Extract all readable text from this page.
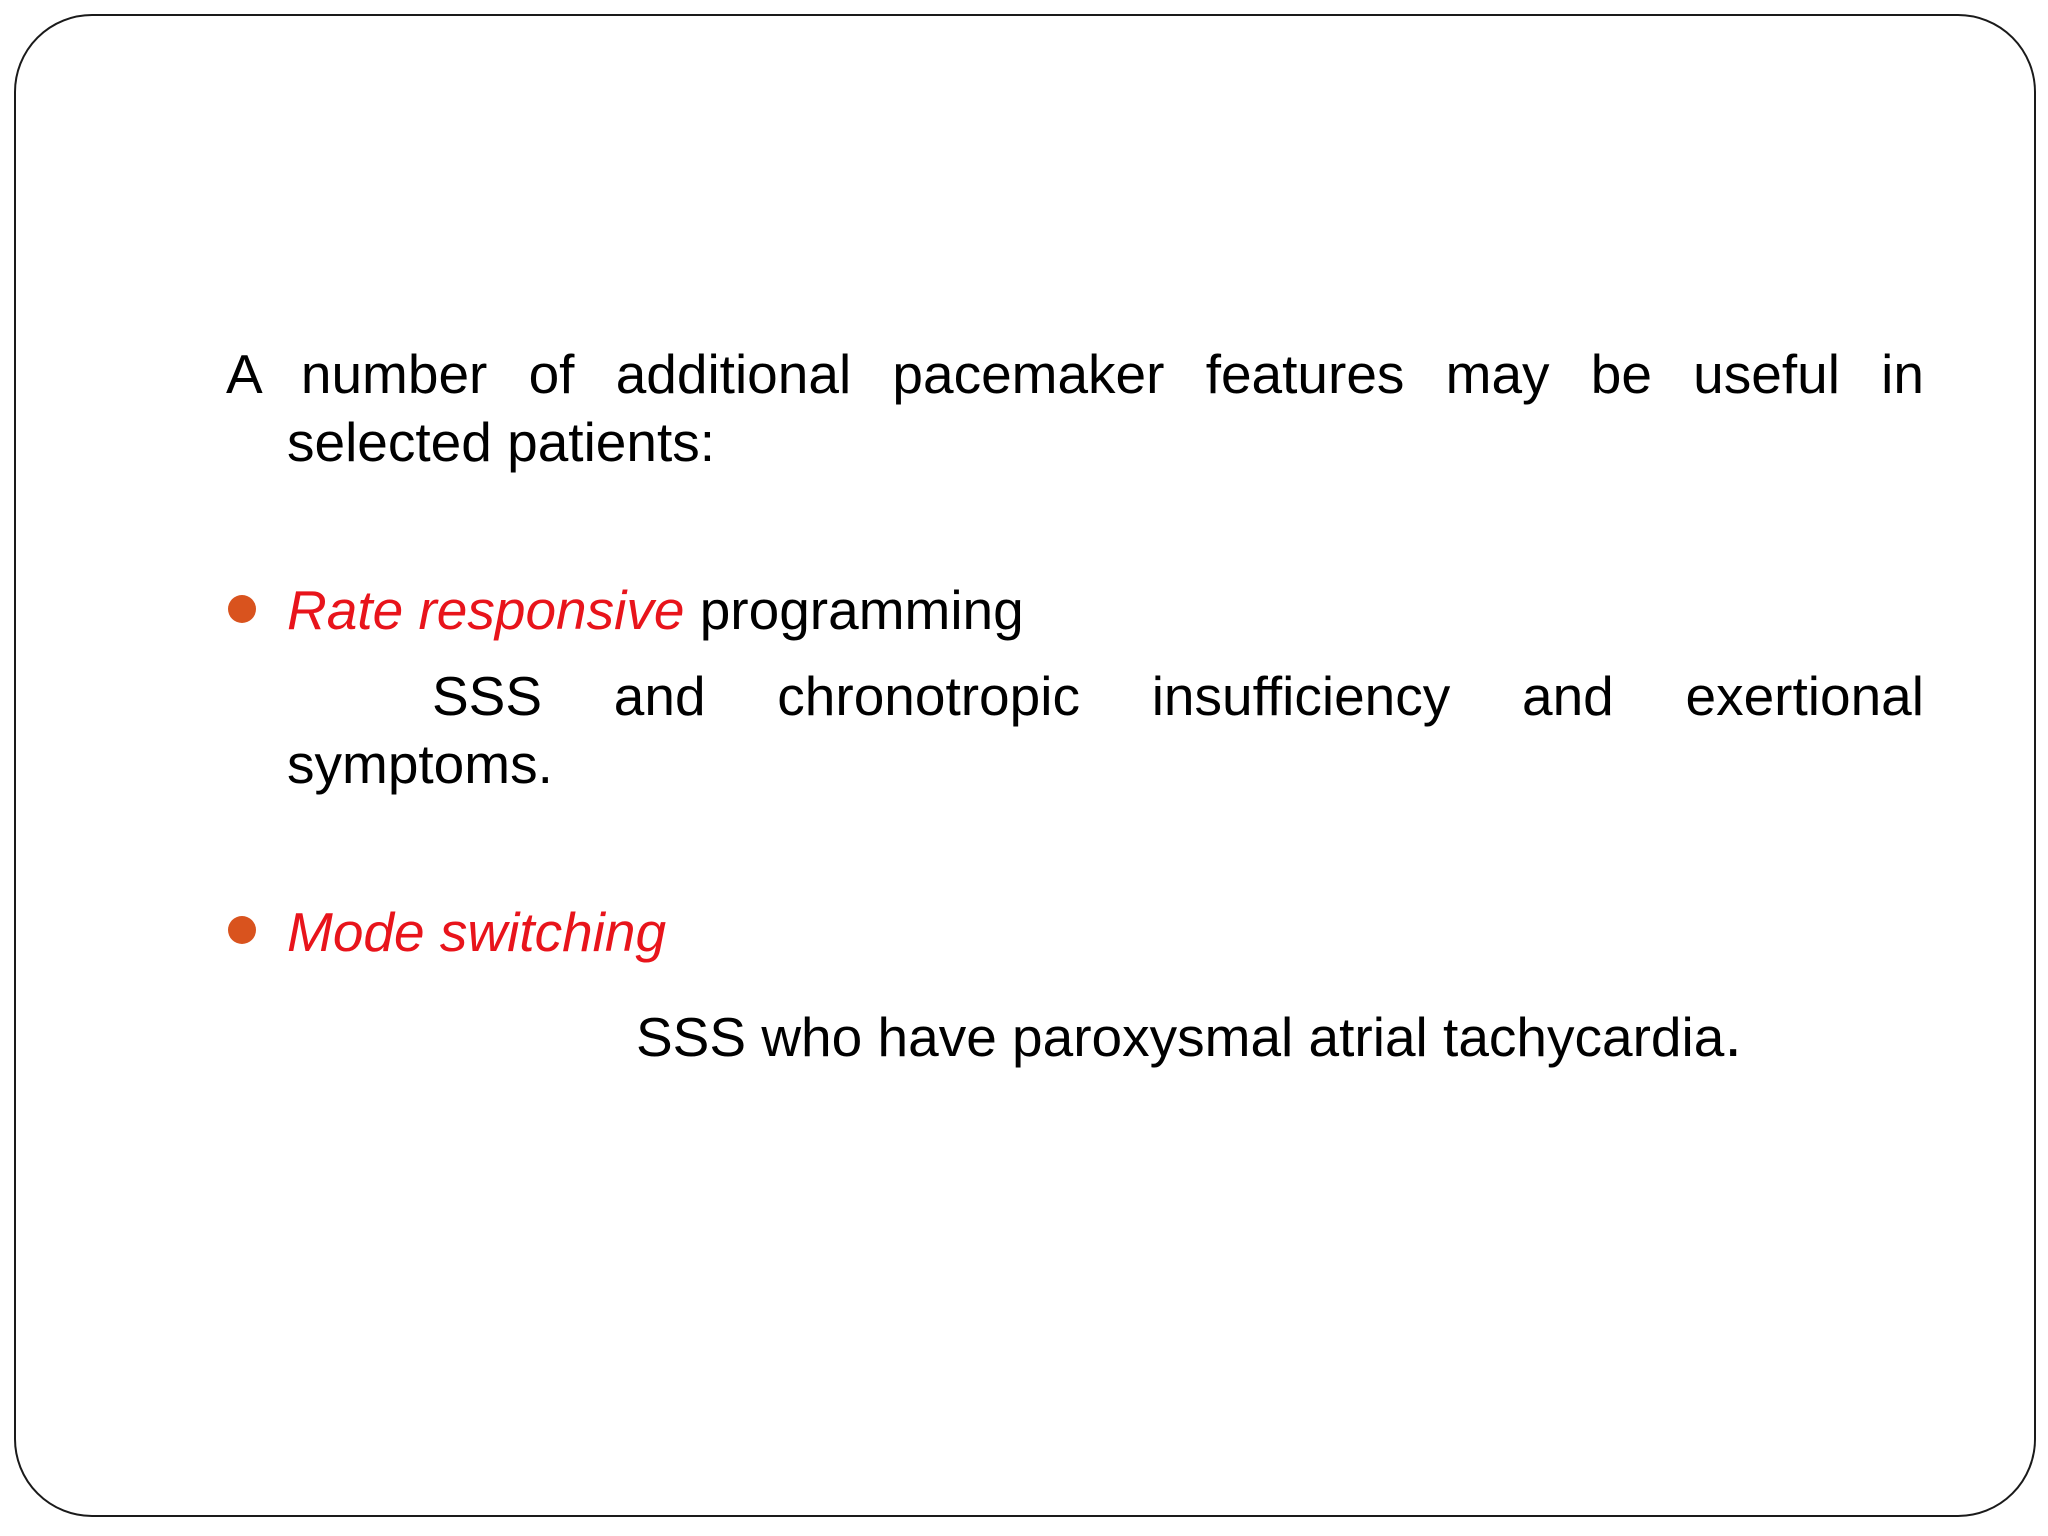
A number of additional pacemaker features may be useful in
selected patients:
Rate responsive programming
SSS and chronotropic insufficiency and exertional
symptoms.
Mode switching
SSS who have paroxysmal atrial tachycardia.
